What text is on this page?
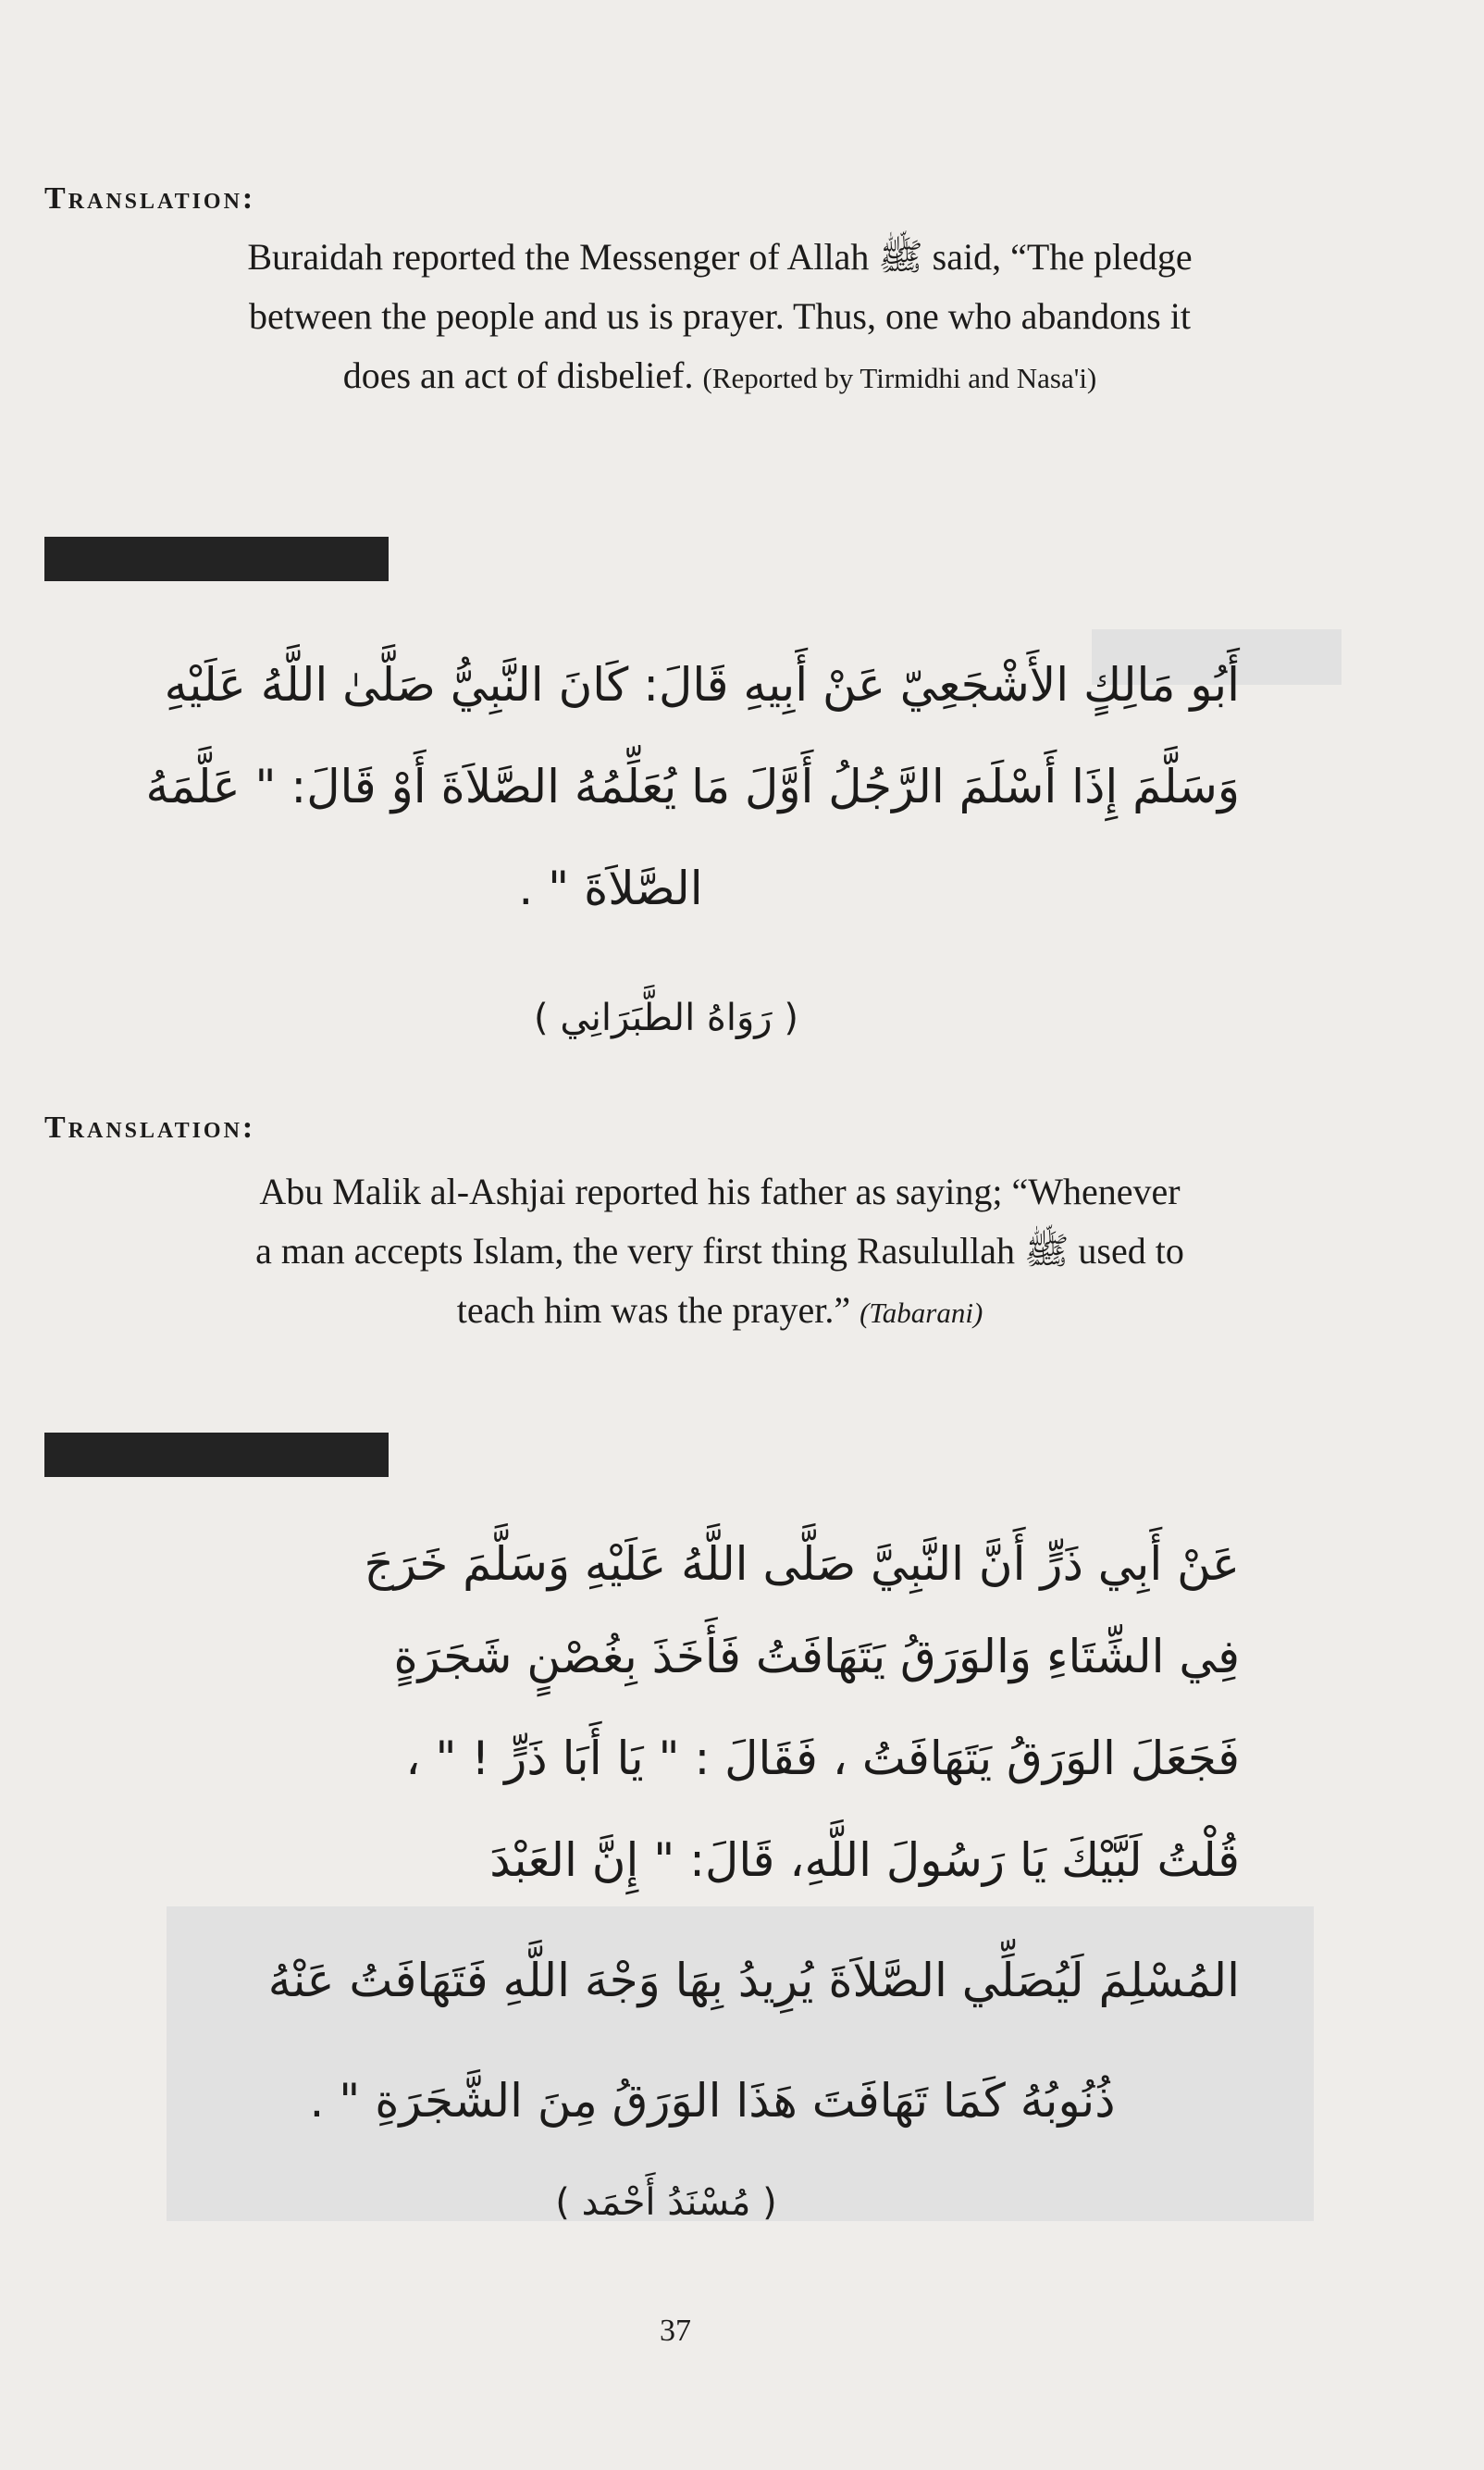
Translation:
Buraidah reported the Messenger of Allah ﷺ said, “The pledge
between the people and us is prayer. Thus, one who abandons it
does an act of disbelief. (Reported by Tirmidhi and Nasa'i)
أَبُو مَالِكٍ الأَشْجَعِيّ عَنْ أَبِيهِ قَالَ: كَانَ النَّبِيُّ صَلَّىٰ اللَّهُ عَلَيْهِ
وَسَلَّمَ إِذَا أَسْلَمَ الرَّجُلُ أَوَّلَ مَا يُعَلِّمُهُ الصَّلاَةَ أَوْ قَالَ: " عَلَّمَهُ
الصَّلاَةَ " .
( رَوَاهُ الطَّبَرَانِي )
Translation:
Abu Malik al-Ashjai reported his father as saying; “Whenever
a man accepts Islam, the very first thing Rasulullah ﷺ used to
teach him was the prayer.” (Tabarani)
عَنْ أَبِي ذَرٍّ أَنَّ النَّبِيَّ صَلَّى اللَّهُ عَلَيْهِ وَسَلَّمَ خَرَجَ
فِي الشِّتَاءِ وَالوَرَقُ يَتَهَافَتُ فَأَخَذَ بِغُصْنٍ شَجَرَةٍ
فَجَعَلَ الوَرَقُ يَتَهَافَتُ ، فَقَالَ : " يَا أَبَا ذَرٍّ ! " ،
قُلْتُ لَبَّيْكَ يَا رَسُولَ اللَّهِ، قَالَ: " إِنَّ العَبْدَ
المُسْلِمَ لَيُصَلِّي الصَّلاَةَ يُرِيدُ بِهَا وَجْهَ اللَّهِ فَتَهَافَتُ عَنْهُ
ذُنُوبُهُ كَمَا تَهَافَتَ هَذَا الوَرَقُ مِنَ الشَّجَرَةِ " .
( مُسْنَدُ أَحْمَد )
37
